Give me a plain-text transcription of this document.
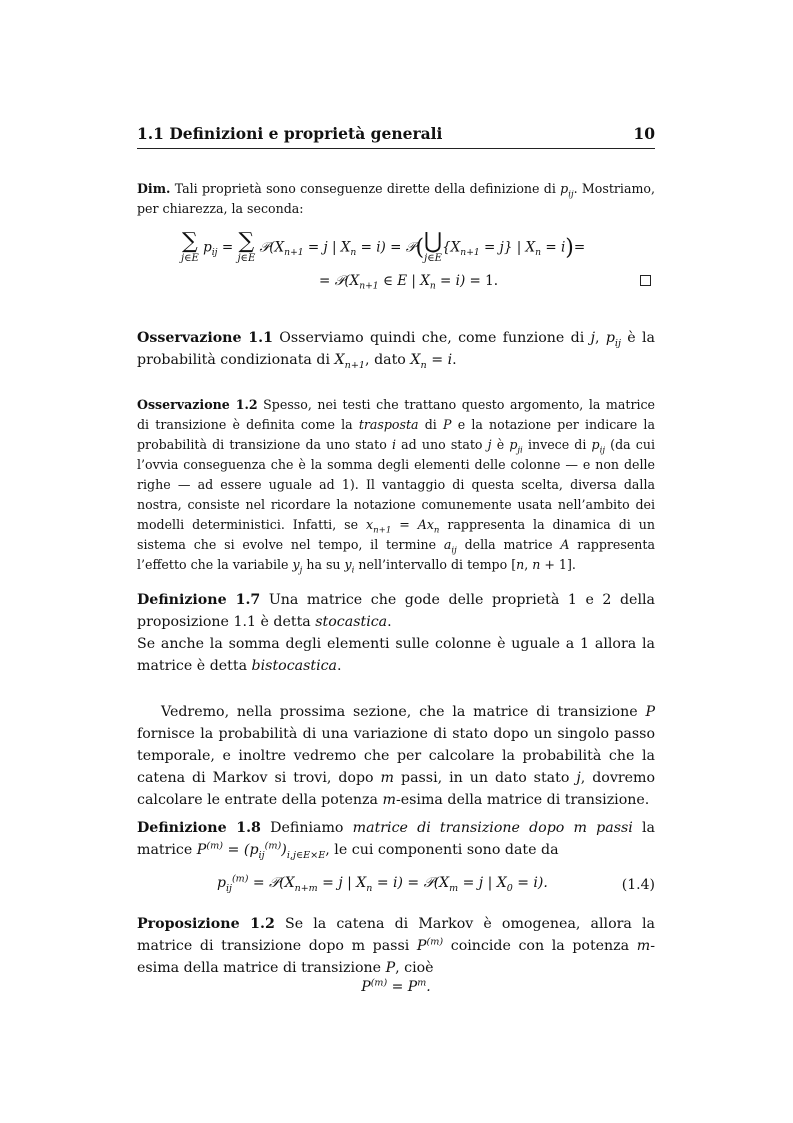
1.1 Definizioni e proprietà generali	10
Dim. Tali proprietà sono conseguenze dirette della definizione di $p_{ij}$. Mostriamo, per chiarezza, la seconda:
∑
j∈E
$p_{ij}$ = ∑
j∈E
$𝒫(X_{n+1} = j$ | $X_n = i$) = 𝒫(⋃
j∈E
$\{X_{n+1} = j\}$ | $X_n = i)=$
= $𝒫(X_{n+1}$ ∈ E | $X_n = i) = 1$.
Osservazione 1.1 Osserviamo quindi che, come funzione di j, $p_{ij}$ è la probabilità condizionata di $X_{n+1}$, dato $X_n = i$.
Osservazione 1.2 Spesso, nei testi che trattano questo argomento, la matrice di transizione è definita come la trasposta di P e la notazione per indicare la probabilità di transizione da uno stato i ad uno stato j è $p_{ji}$ invece di $p_{ij}$ (da cui l’ovvia conseguenza che è la somma degli elementi delle colonne — e non delle righe — ad essere uguale ad 1). Il vantaggio di questa scelta, diversa dalla nostra, consiste nel ricordare la notazione comunemente usata nell’ambito dei modelli deterministici. Infatti, se $x_{n+1} = Ax_n$ rappresenta la dinamica di un sistema che si evolve nel tempo, il termine $a_{ij}$ della matrice A rappresenta l’effetto che la variabile $y_j$ ha su $y_i$ nell’intervallo di tempo [n, n + 1].
Definizione 1.7 Una matrice che gode delle proprietà 1 e 2 della proposizione 1.1 è detta stocastica.
Se anche la somma degli elementi sulle colonne è uguale a 1 allora la matrice è detta bistocastica.
Vedremo, nella prossima sezione, che la matrice di transizione P fornisce la probabilità di una variazione di stato dopo un singolo passo temporale, e inoltre vedremo che per calcolare la probabilità che la catena di Markov si trovi, dopo m passi, in un dato stato j, dovremo calcolare le entrate della potenza m-esima della matrice di transizione.
Definizione 1.8 Definiamo matrice di transizione dopo m passi la matrice $P^{(m)} = (p_{ij}^{(m)})_{i,j\in E\times E}$, le cui componenti sono date da
$p_{ij}^{(m)}$ = $𝒫(X_{n+m} = j$ | $X_n = i$) = $𝒫(X_m = j$ | $X_0 = i$).	(1.4)
Proposizione 1.2 Se la catena di Markov è omogenea, allora la matrice di transizione dopo m passi $P^{(m)}$ coincide con la potenza m-esima della matrice di transizione P, cioè
$P^{(m)} = P^m$.
